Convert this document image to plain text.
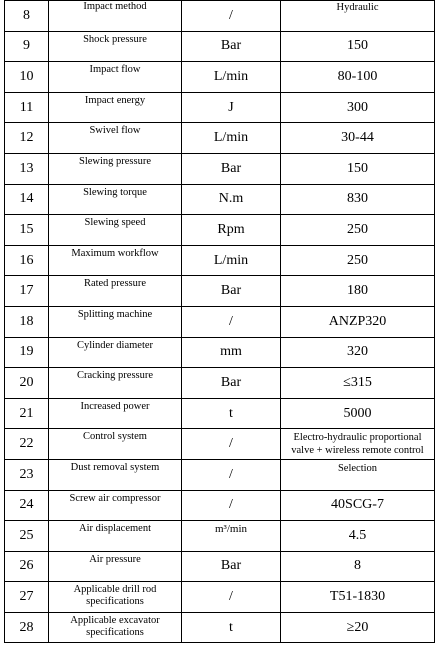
8	Impact method	/	Hydraulic
9	Shock pressure	Bar	150
10	Impact flow	L/min	80-100
11	Impact energy	J	300
12	Swivel flow	L/min	30-44
13	Slewing pressure	Bar	150
14	Slewing torque	N.m	830
15	Slewing speed	Rpm	250
16	Maximum workflow	L/min	250
17	Rated pressure	Bar	180
18	Splitting machine	/	ANZP320
19	Cylinder diameter	mm	320
20	Cracking pressure	Bar	≤315
21	Increased power	t	5000
22	Control system	/	Electro-hydraulic proportional valve + wireless remote control
23	Dust removal system	/	Selection
24	Screw air compressor	/	40SCG-7
25	Air displacement	m³/min	4.5
26	Air pressure	Bar	8
27	Applicable drill rod specifications	/	T51-1830
28	Applicable excavator specifications	t	≥20
